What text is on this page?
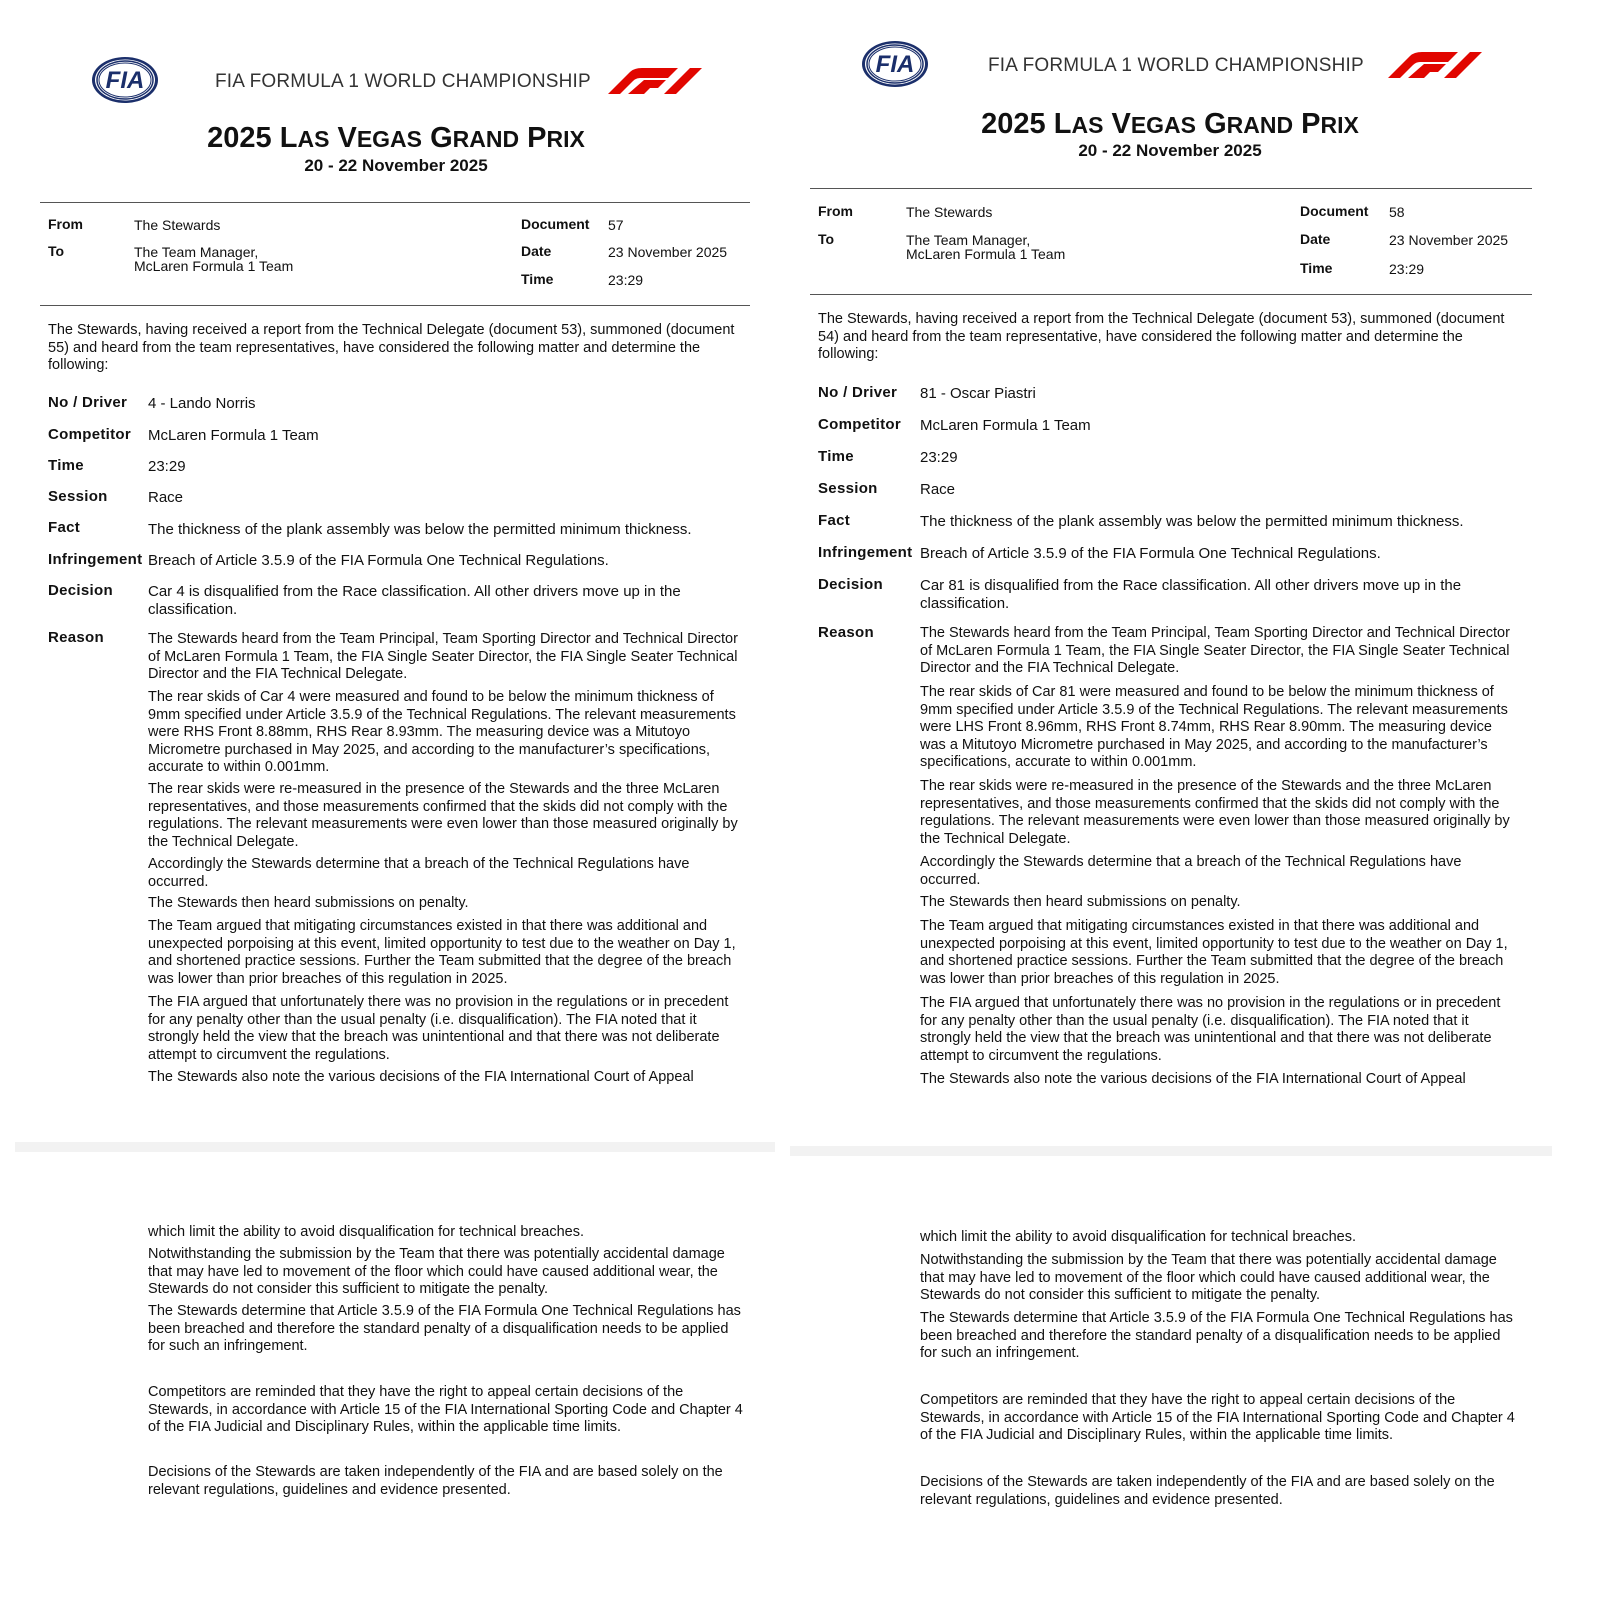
FIA	FIA FORMULA 1 WORLD CHAMPIONSHIP
2025 LAS VEGAS GRAND PRIX
20 - 22 November 2025
From	The Stewards
To	The Team Manager,
McLaren Formula 1 Team
Document 57
Date	23 November 2025
Time	23:29
The Stewards, having received a report from the Technical Delegate (document 53), summoned (document 55) and heard from the team representatives, have considered the following matter and determine the following:
No / Driver 4 - Lando Norris
Competitor McLaren Formula 1 Team
Time	23:29
Session	Race
Fact	The thickness of the plank assembly was below the permitted minimum thickness.
Infringement Breach of Article 3.5.9 of the FIA Formula One Technical Regulations.
Decision Car 4 is disqualified from the Race classification. All other drivers move up in the classification.
Reason	The Stewards heard from the Team Principal, Team Sporting Director and Technical Director of McLaren Formula 1 Team, the FIA Single Seater Director, the FIA Single Seater Technical Director and the FIA Technical Delegate.
The rear skids of Car 4 were measured and found to be below the minimum thickness of 9mm specified under Article 3.5.9 of the Technical Regulations. The relevant measurements were RHS Front 8.88mm, RHS Rear 8.93mm. The measuring device was a Mitutoyo Micrometre purchased in May 2025, and according to the manufacturer’s specifications, accurate to within 0.001mm.
The rear skids were re-measured in the presence of the Stewards and the three McLaren representatives, and those measurements confirmed that the skids did not comply with the regulations. The relevant measurements were even lower than those measured originally by the Technical Delegate.
Accordingly the Stewards determine that a breach of the Technical Regulations have occurred.
The Stewards then heard submissions on penalty.
The Team argued that mitigating circumstances existed in that there was additional and unexpected porpoising at this event, limited opportunity to test due to the weather on Day 1, and shortened practice sessions. Further the Team submitted that the degree of the breach was lower than prior breaches of this regulation in 2025.
The FIA argued that unfortunately there was no provision in the regulations or in precedent for any penalty other than the usual penalty (i.e. disqualification). The FIA noted that it strongly held the view that the breach was unintentional and that there was not deliberate attempt to circumvent the regulations.
The Stewards also note the various decisions of the FIA International Court of Appeal
which limit the ability to avoid disqualification for technical breaches.
Notwithstanding the submission by the Team that there was potentially accidental damage that may have led to movement of the floor which could have caused additional wear, the Stewards do not consider this sufficient to mitigate the penalty.
The Stewards determine that Article 3.5.9 of the FIA Formula One Technical Regulations has been breached and therefore the standard penalty of a disqualification needs to be applied for such an infringement.
Competitors are reminded that they have the right to appeal certain decisions of the Stewards, in accordance with Article 15 of the FIA International Sporting Code and Chapter 4 of the FIA Judicial and Disciplinary Rules, within the applicable time limits.
Decisions of the Stewards are taken independently of the FIA and are based solely on the relevant regulations, guidelines and evidence presented.
FIA	FIA FORMULA 1 WORLD CHAMPIONSHIP
2025 LAS VEGAS GRAND PRIX
20 - 22 November 2025
From	The Stewards
To	The Team Manager,
McLaren Formula 1 Team
Document 58
Date	23 November 2025
Time	23:29
The Stewards, having received a report from the Technical Delegate (document 53), summoned (document 54) and heard from the team representative, have considered the following matter and determine the following:
No / Driver 81 - Oscar Piastri
Competitor McLaren Formula 1 Team
Time	23:29
Session	Race
Fact	The thickness of the plank assembly was below the permitted minimum thickness.
Infringement Breach of Article 3.5.9 of the FIA Formula One Technical Regulations.
Decision Car 81 is disqualified from the Race classification. All other drivers move up in the classification.
Reason	The Stewards heard from the Team Principal, Team Sporting Director and Technical Director of McLaren Formula 1 Team, the FIA Single Seater Director, the FIA Single Seater Technical Director and the FIA Technical Delegate.
The rear skids of Car 81 were measured and found to be below the minimum thickness of 9mm specified under Article 3.5.9 of the Technical Regulations. The relevant measurements were LHS Front 8.96mm, RHS Front 8.74mm, RHS Rear 8.90mm. The measuring device was a Mitutoyo Micrometre purchased in May 2025, and according to the manufacturer’s specifications, accurate to within 0.001mm.
The rear skids were re-measured in the presence of the Stewards and the three McLaren representatives, and those measurements confirmed that the skids did not comply with the regulations. The relevant measurements were even lower than those measured originally by the Technical Delegate.
Accordingly the Stewards determine that a breach of the Technical Regulations have occurred.
The Stewards then heard submissions on penalty.
The Team argued that mitigating circumstances existed in that there was additional and unexpected porpoising at this event, limited opportunity to test due to the weather on Day 1, and shortened practice sessions. Further the Team submitted that the degree of the breach was lower than prior breaches of this regulation in 2025.
The FIA argued that unfortunately there was no provision in the regulations or in precedent for any penalty other than the usual penalty (i.e. disqualification). The FIA noted that it strongly held the view that the breach was unintentional and that there was not deliberate attempt to circumvent the regulations.
The Stewards also note the various decisions of the FIA International Court of Appeal
which limit the ability to avoid disqualification for technical breaches.
Notwithstanding the submission by the Team that there was potentially accidental damage that may have led to movement of the floor which could have caused additional wear, the Stewards do not consider this sufficient to mitigate the penalty.
The Stewards determine that Article 3.5.9 of the FIA Formula One Technical Regulations has been breached and therefore the standard penalty of a disqualification needs to be applied for such an infringement.
Competitors are reminded that they have the right to appeal certain decisions of the Stewards, in accordance with Article 15 of the FIA International Sporting Code and Chapter 4 of the FIA Judicial and Disciplinary Rules, within the applicable time limits.
Decisions of the Stewards are taken independently of the FIA and are based solely on the relevant regulations, guidelines and evidence presented.
